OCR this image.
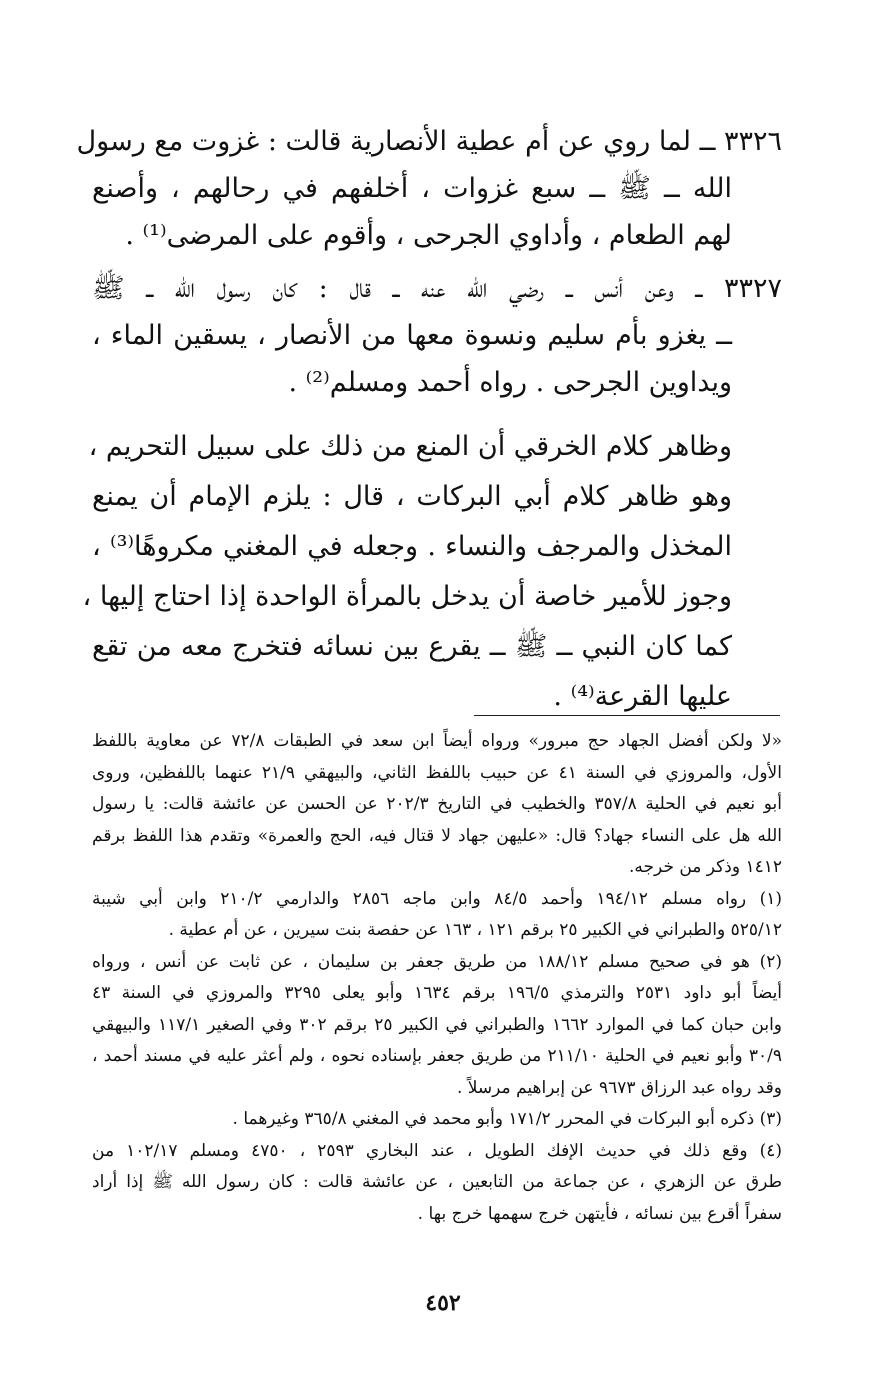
٣٣٢٦ ــ لما روي عن أم عطية الأنصارية قالت : غزوت مع رسول
الله ــ ﷺ ــ سبع غزوات ، أخلفهم في رحالهم ، وأصنع
لهم الطعام ، وأداوي الجرحى ، وأقوم على المرضى⁽¹⁾ .
٣٣٢٧ ــ وعن أنس ــ رضي الله عنه ــ قال : كان رسول الله ــ ﷺ
ــ يغزو بأم سليم ونسوة معها من الأنصار ، يسقين الماء ،
ويداوين الجرحى . رواه أحمد ومسلم⁽²⁾ .
وظاهر كلام الخرقي أن المنع من ذلك على سبيل التحريم ،
وهو ظاهر كلام أبي البركات ، قال : يلزم الإمام أن يمنع
المخذل والمرجف والنساء . وجعله في المغني مكروهًا⁽³⁾ ،
وجوز للأمير خاصة أن يدخل بالمرأة الواحدة إذا احتاج إليها ،
كما كان النبي ــ ﷺ ــ يقرع بين نسائه فتخرج معه من تقع
عليها القرعة⁽⁴⁾ .
«لا ولكن أفضل الجهاد حج مبرور» ورواه أيضاً ابن سعد في الطبقات ٧٢/٨ عن معاوية باللفظ
الأول، والمروزي في السنة ٤١ عن حبيب باللفظ الثاني، والبيهقي ٢١/٩ عنهما باللفظين، وروى
أبو نعيم في الحلية ٣٥٧/٨ والخطيب في التاريخ ٢٠٢/٣ عن الحسن عن عائشة قالت: يا رسول
الله هل على النساء جهاد؟ قال: «عليهن جهاد لا قتال فيه، الحج والعمرة» وتقدم هذا اللفظ برقم
١٤١٢ وذكر من خرجه.
(١) رواه مسلم ١٩٤/١٢ وأحمد ٨٤/٥ وابن ماجه ٢٨٥٦ والدارمي ٢١٠/٢ وابن أبي شيبة
٥٢٥/١٢ والطبراني في الكبير ٢٥ برقم ١٢١ ، ١٦٣ عن حفصة بنت سيرين ، عن أم عطية .
(٢) هو في صحيح مسلم ١٨٨/١٢ من طريق جعفر بن سليمان ، عن ثابت عن أنس ، ورواه
أيضاً أبو داود ٢٥٣١ والترمذي ١٩٦/٥ برقم ١٦٣٤ وأبو يعلى ٣٢٩٥ والمروزي في السنة ٤٣
وابن حبان كما في الموارد ١٦٦٢ والطبراني في الكبير ٢٥ برقم ٣٠٢ وفي الصغير ١١٧/١ والبيهقي
٣٠/٩ وأبو نعيم في الحلية ٢١١/١٠ من طريق جعفر بإسناده نحوه ، ولم أعثر عليه في مسند أحمد ،
وقد رواه عبد الرزاق ٩٦٧٣ عن إبراهيم مرسلاً .
(٣) ذكره أبو البركات في المحرر ١٧١/٢ وأبو محمد في المغني ٣٦٥/٨ وغيرهما .
(٤) وقع ذلك في حديث الإفك الطويل ، عند البخاري ٢٥٩٣ ، ٤٧٥٠ ومسلم ١٠٢/١٧ من
طرق عن الزهري ، عن جماعة من التابعين ، عن عائشة قالت : كان رسول الله ﷺ إذا أراد
سفراً أقرع بين نسائه ، فأيتهن خرج سهمها خرج بها .
٤٥٢
